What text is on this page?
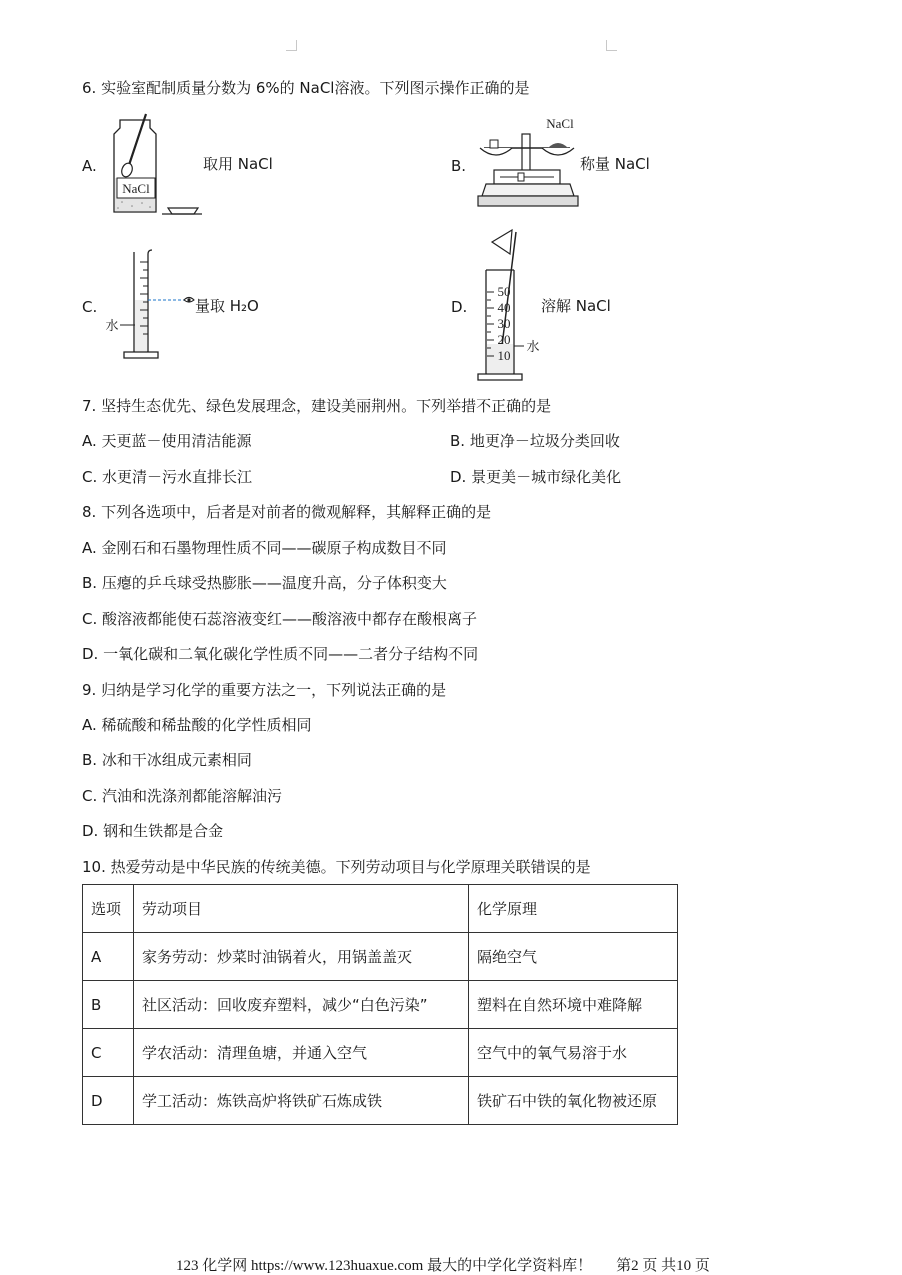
6. 实验室配制质量分数为 6%的 NaCl溶液。下列图示操作正确的是
A.
NaCl
取用 NaCl	B.
NaCl
称量 NaCl
C.
水
量取 H₂O	D.
50
40
30
20
10
水
溶解 NaCl
7. 坚持生态优先、绿色发展理念，建设美丽荆州。下列举措不正确的是
A. 天更蓝－使用清洁能源	B. 地更净－垃圾分类回收
C. 水更清－污水直排长江	D. 景更美－城市绿化美化
8. 下列各选项中，后者是对前者的微观解释，其解释正确的是
A. 金刚石和石墨物理性质不同——碳原子构成数目不同
B. 压瘪的乒乓球受热膨胀——温度升高，分子体积变大
C. 酸溶液都能使石蕊溶液变红——酸溶液中都存在酸根离子
D. 一氧化碳和二氧化碳化学性质不同——二者分子结构不同
9. 归纳是学习化学的重要方法之一，下列说法正确的是
A. 稀硫酸和稀盐酸的化学性质相同
B. 冰和干冰组成元素相同
C. 汽油和洗涤剂都能溶解油污
D. 钢和生铁都是合金
10. 热爱劳动是中华民族的传统美德。下列劳动项目与化学原理关联错误的是
选项	劳动项目	化学原理
A	家务劳动：炒菜时油锅着火，用锅盖盖灭	隔绝空气
B	社区活动：回收废弃塑料，减少“白色污染”	塑料在自然环境中难降解
C	学农活动：清理鱼塘，并通入空气	空气中的氧气易溶于水
D	学工活动：炼铁高炉将铁矿石炼成铁	铁矿石中铁的氧化物被还原
123 化学网 https://www.123huaxue.com 最大的中学化学资料库！ 第2 页 共10 页
